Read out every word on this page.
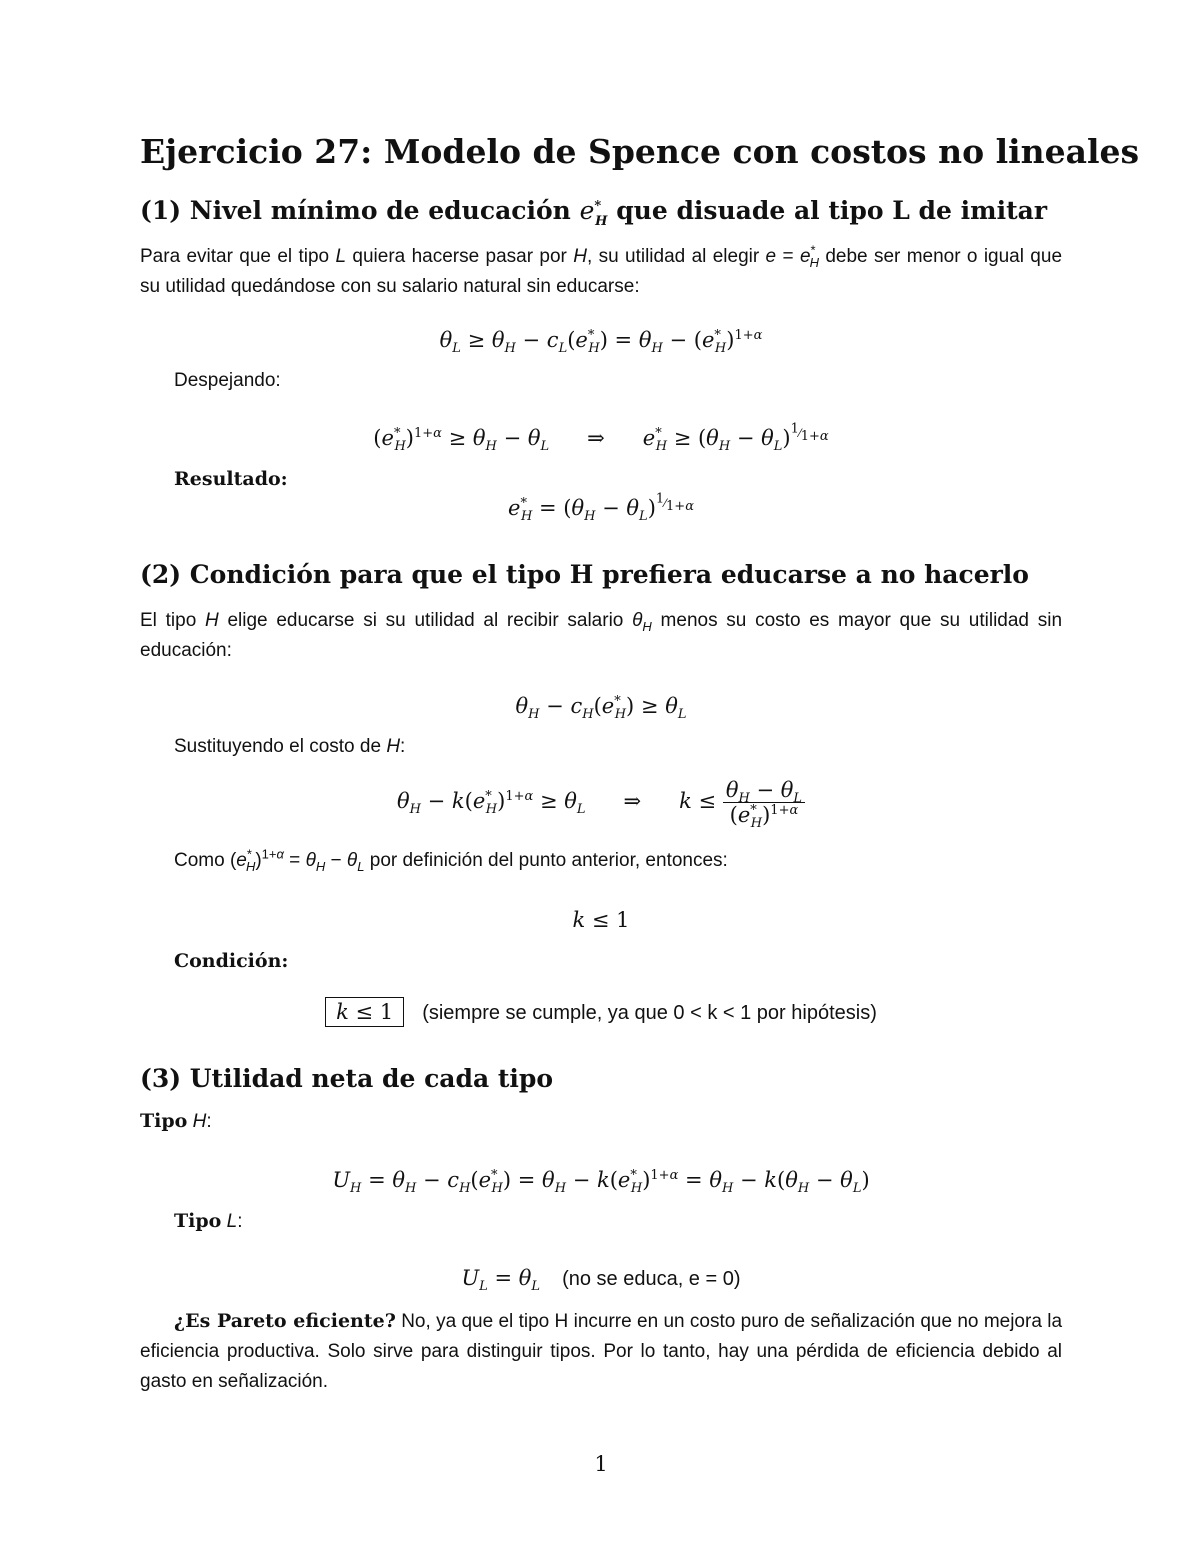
Ejercicio 27: Modelo de Spence con costos no lineales
(1) Nivel mínimo de educación $e^*_H$ que disuade al tipo L de imitar
Para evitar que el tipo L quiera hacerse pasar por H, su utilidad al elegir $e = e^*_H$ debe ser menor o igual que su utilidad quedándose con su salario natural sin educarse:
$\theta_L \ge \theta_H - c_L(e^*_H) = \theta_H - (e^*_H)^{1+\alpha}$
Despejando:
$(e^*_H)^{1+\alpha} \ge \theta_H - \theta_L$ ⇒ $e^*_H \ge (\theta_H - \theta_L)^{^1⁄_{1+\alpha}}$
Resultado:
$e^*_H = (\theta_H - \theta_L)^{^1⁄_{1+\alpha}}$
(2) Condición para que el tipo H prefiera educarse a no hacerlo
El tipo H elige educarse si su utilidad al recibir salario $\theta_H$ menos su costo es mayor que su utilidad sin educación:
$\theta_H - c_H(e^*_H) \ge \theta_L$
Sustituyendo el costo de H:
$\theta_H - k(e^*_H)^{1+\alpha} \ge \theta_L$ ⇒ $k \le \frac{\theta_H - \theta_L}{(e^*_H)^{1+\alpha}}$
Como $(e^*_H)^{1+\alpha} = \theta_H - \theta_L$ por definición del punto anterior, entonces:
k ≤ 1
Condición:
k ≤ 1 (siempre se cumple, ya que 0 < k < 1 por hipótesis)
(3) Utilidad neta de cada tipo
Tipo H:
$U_H = \theta_H - c_H(e^*_H) = \theta_H - k(e^*_H)^{1+\alpha} = \theta_H - k(\theta_H - \theta_L)$
Tipo L:
$U_L = \theta_L$ (no se educa, e = 0)
¿Es Pareto eficiente? No, ya que el tipo H incurre en un costo puro de señalización que no mejora la eficiencia productiva. Solo sirve para distinguir tipos. Por lo tanto, hay una pérdida de eficiencia debido al gasto en señalización.
1
